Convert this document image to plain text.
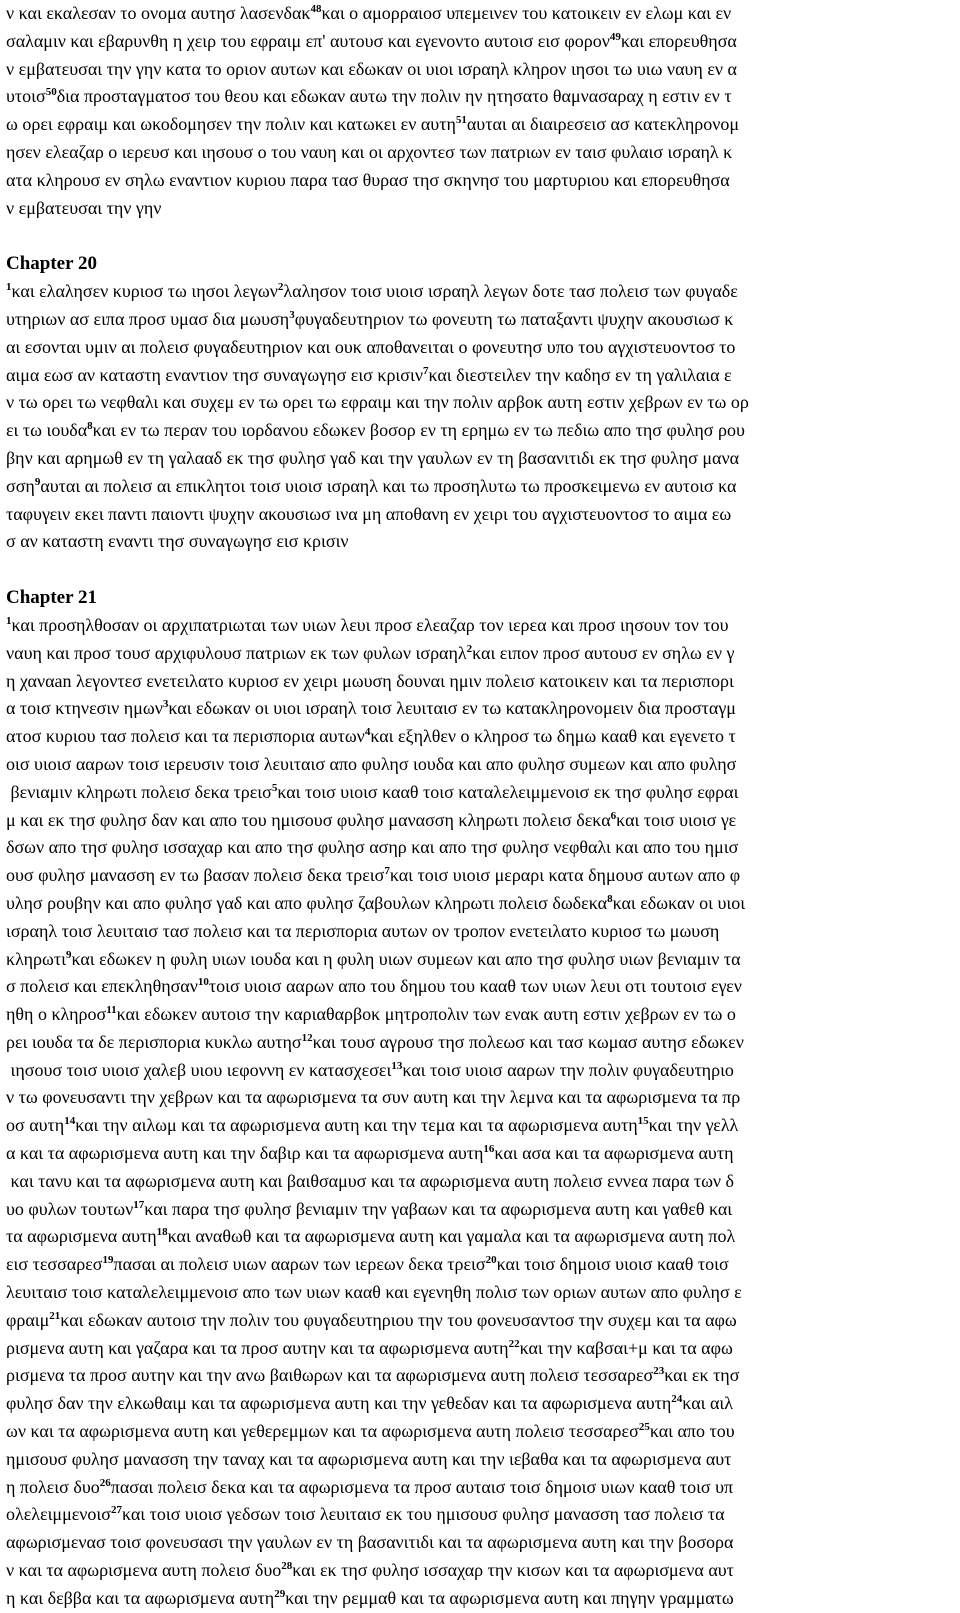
ν και εκαλεσαν το ονομα αυτησ λασενδακ$^{48}$και ο αμορραιοσ υπεμεινεν του κατοικειν εν ελωμ και εν
σαλαμιν και εβαρυνθη η χειρ του εφραιμ επ' αυτουσ και εγενοντο αυτοισ εισ φορον$^{49}$και επορευθησα
ν εμβατευσαι την γην κατα το οριον αυτων και εδωκαν οι υιοι ισραηλ κληρον ιησοι τω υιω ναυη εν α
υτοισ$^{50}$δια προσταγματοσ του θεου και εδωκαν αυτω την πολιν ην ητησατο θαμνασαραχ η εστιν εν τ
ω ορει εφραιμ και ωκοδομησεν την πολιν και κατωκει εν αυτη$^{51}$αυται αι διαιρεσεισ ασ κατεκληρονομ
ησεν ελεαζαρ ο ιερευσ και ιησουσ ο του ναυη και οι αρχοντεσ των πατριων εν ταισ φυλαισ ισραηλ κ
ατα κληρουσ εν σηλω εναντιον κυριου παρα τασ θυρασ τησ σκηνησ του μαρτυριου και επορευθησα
ν εμβατευσαι την γην
Chapter 20
$^1$και ελαλησεν κυριοσ τω ιησοι λεγων$^2$λαλησον τοισ υιοισ ισραηλ λεγων δοτε τασ πολεισ των φυγαδε
υτηριων ασ ειπα προσ υμασ δια μωυση$^3$φυγαδευτηριον τω φονευτη τω παταξαντι ψυχην ακουσιωσ κ
αι εσονται υμιν αι πολεισ φυγαδευτηριον και ουκ αποθανειται ο φονευτησ υπο του αγχιστευοντοσ το
αιμα εωσ αν καταστη εναντιον τησ συναγωγησ εισ κρισιν$^7$και διεστειλεν την καδησ εν τη γαλιλαια ε
ν τω ορει τω νεφθαλι και συχεμ εν τω ορει τω εφραιμ και την πολιν αρβοκ αυτη εστιν χεβρων εν τω ορ
ει τω ιουδα$^8$και εν τω περαν του ιορδανου εδωκεν βοσορ εν τη ερημω εν τω πεδιω απο τησ φυλησ ρου
βην και αρημωθ εν τη γαλααδ εκ τησ φυλησ γαδ και την γαυλων εν τη βασανιτιδι εκ τησ φυλησ μανα
σση$^9$αυται αι πολεισ αι επικλητοι τοισ υιοισ ισραηλ και τω προσηλυτω τω προσκειμενω εν αυτοισ κα
ταφυγειν εκει παντι παιοντι ψυχην ακουσιωσ ινα μη αποθανη εν χειρι του αγχιστευοντοσ το αιμα εω
σ αν καταστη εναντι τησ συναγωγησ εισ κρισιν
Chapter 21
$^1$και προσηλθοσαν οι αρχιπατριωται των υιων λευι προσ ελεαζαρ τον ιερεα και προσ ιησουν τον του
ναυη και προσ τουσ αρχιφυλουσ πατριων εκ των φυλων ισραηλ$^2$και ειπον προσ αυτουσ εν σηλω εν γ
η χαναan λεγοντεσ ενετειλατο κυριοσ εν χειρι μωυση δουναι ημιν πολεισ κατοικειν και τα περισπορι
α τοισ κτηνεσιν ημων$^3$και εδωκαν οι υιοι ισραηλ τοισ λευιταισ εν τω κατακληρονομειν δια προσταγμ
ατοσ κυριου τασ πολεισ και τα περισπορια αυτων$^4$και εξηλθεν ο κληροσ τω δημω κααθ και εγενετο τ
οισ υιοισ ααρων τοισ ιερευσιν τοισ λευιταισ απο φυλησ ιουδα και απο φυλησ συμεων και απο φυλησ
βενιαμιν κληρωτι πολεισ δεκα τρεισ$^5$και τοισ υιοισ κααθ τοισ καταλελειμμενοισ εκ τησ φυλησ εφραι
μ και εκ τησ φυλησ δαν και απο του ημισουσ φυλησ μανασση κληρωτι πολεισ δεκα$^6$και τοισ υιοισ γε
δσων απο τησ φυλησ ισσαχαρ και απο τησ φυλησ ασηρ και απο τησ φυλησ νεφθαλι και απο του ημισ
ουσ φυλησ μανασση εν τω βασαν πολεισ δεκα τρεισ$^7$και τοισ υιοισ μεραρι κατα δημουσ αυτων απο φ
υλησ ρουβην και απο φυλησ γαδ και απο φυλησ ζαβουλων κληρωτι πολεισ δωδεκα$^8$και εδωκαν οι υιοι
ισραηλ τοισ λευιταισ τασ πολεισ και τα περισπορια αυτων ον τροπον ενετειλατο κυριοσ τω μωυση
κληρωτι$^9$και εδωκεν η φυλη υιων ιουδα και η φυλη υιων συμεων και απο τησ φυλησ υιων βενιαμιν τα
σ πολεισ και επεκληθησαν$^{10}$τοισ υιοισ ααρων απο του δημου του κααθ των υιων λευι οτι τουτοισ εγεν
ηθη ο κληροσ$^{11}$και εδωκεν αυτοισ την καριαθαρβοκ μητροπολιν των ενακ αυτη εστιν χεβρων εν τω ο
ρει ιουδα τα δε περισπορια κυκλω αυτησ$^{12}$και τουσ αγρουσ τησ πολεωσ και τασ κωμασ αυτησ εδωκεν
ιησουσ τοισ υιοισ χαλεβ υιου ιεφοννη εν κατασχεσει$^{13}$και τοισ υιοισ ααρων την πολιν φυγαδευτηριο
ν τω φονευσαντι την χεβρων και τα αφωρισμενα τα συν αυτη και την λεμνα και τα αφωρισμενα τα πρ
οσ αυτη$^{14}$και την αιλωμ και τα αφωρισμενα αυτη και την τεμα και τα αφωρισμενα αυτη$^{15}$και την γελλ
α και τα αφωρισμενα αυτη και την δαβιρ και τα αφωρισμενα αυτη$^{16}$και ασα και τα αφωρισμενα αυτη
και τανυ και τα αφωρισμενα αυτη και βαιθσαμυσ και τα αφωρισμενα αυτη πολεισ εννεα παρα των δ
υο φυλων τουτων$^{17}$και παρα τησ φυλησ βενιαμιν την γαβαων και τα αφωρισμενα αυτη και γαθεθ και
τα αφωρισμενα αυτη$^{18}$και αναθωθ και τα αφωρισμενα αυτη και γαμαλα και τα αφωρισμενα αυτη πολ
εισ τεσσαρεσ$^{19}$πασαι αι πολεισ υιων ααρων των ιερεων δεκα τρεισ$^{20}$και τοισ δημοισ υιοισ κααθ τοισ
λευιταισ τοισ καταλελειμμενοισ απο των υιων κααθ και εγενηθη πολισ των οριων αυτων απο φυλησ ε
φραιμ$^{21}$και εδωκαν αυτοισ την πολιν του φυγαδευτηριου την του φονευσαντοσ την συχεμ και τα αφω
ρισμενα αυτη και γαζαρα και τα προσ αυτην και τα αφωρισμενα αυτη$^{22}$και την καβσαι+μ και τα αφω
ρισμενα τα προσ αυτην και την ανω βαιθωρων και τα αφωρισμενα αυτη πολεισ τεσσαρεσ$^{23}$και εκ τησ
φυλησ δαν την ελκωθαιμ και τα αφωρισμενα αυτη και την γεθεδαν και τα αφωρισμενα αυτη$^{24}$και αιλ
ων και τα αφωρισμενα αυτη και γεθερεμμων και τα αφωρισμενα αυτη πολεισ τεσσαρεσ$^{25}$και απο του
ημισουσ φυλησ μανασση την ταναχ και τα αφωρισμενα αυτη και την ιεβαθα και τα αφωρισμενα αυτ
η πολεισ δυο$^{26}$πασαι πολεισ δεκα και τα αφωρισμενα τα προσ αυταισ τοισ δημοισ υιων κααθ τοισ υπ
ολελειμμενοισ$^{27}$και τοισ υιοισ γεδσων τοισ λευιταισ εκ του ημισουσ φυλησ μανασση τασ πολεισ τα
αφωρισμενασ τοισ φονευσασι την γαυλων εν τη βασανιτιδι και τα αφωρισμενα αυτη και την βοσορα
ν και τα αφωρισμενα αυτη πολεισ δυο$^{28}$και εκ τησ φυλησ ισσαχαρ την κισων και τα αφωρισμενα αυτ
η και δεββα και τα αφωρισμενα αυτη$^{29}$και την ρεμμαθ και τα αφωρισμενα αυτη και πηγην γραμματω
